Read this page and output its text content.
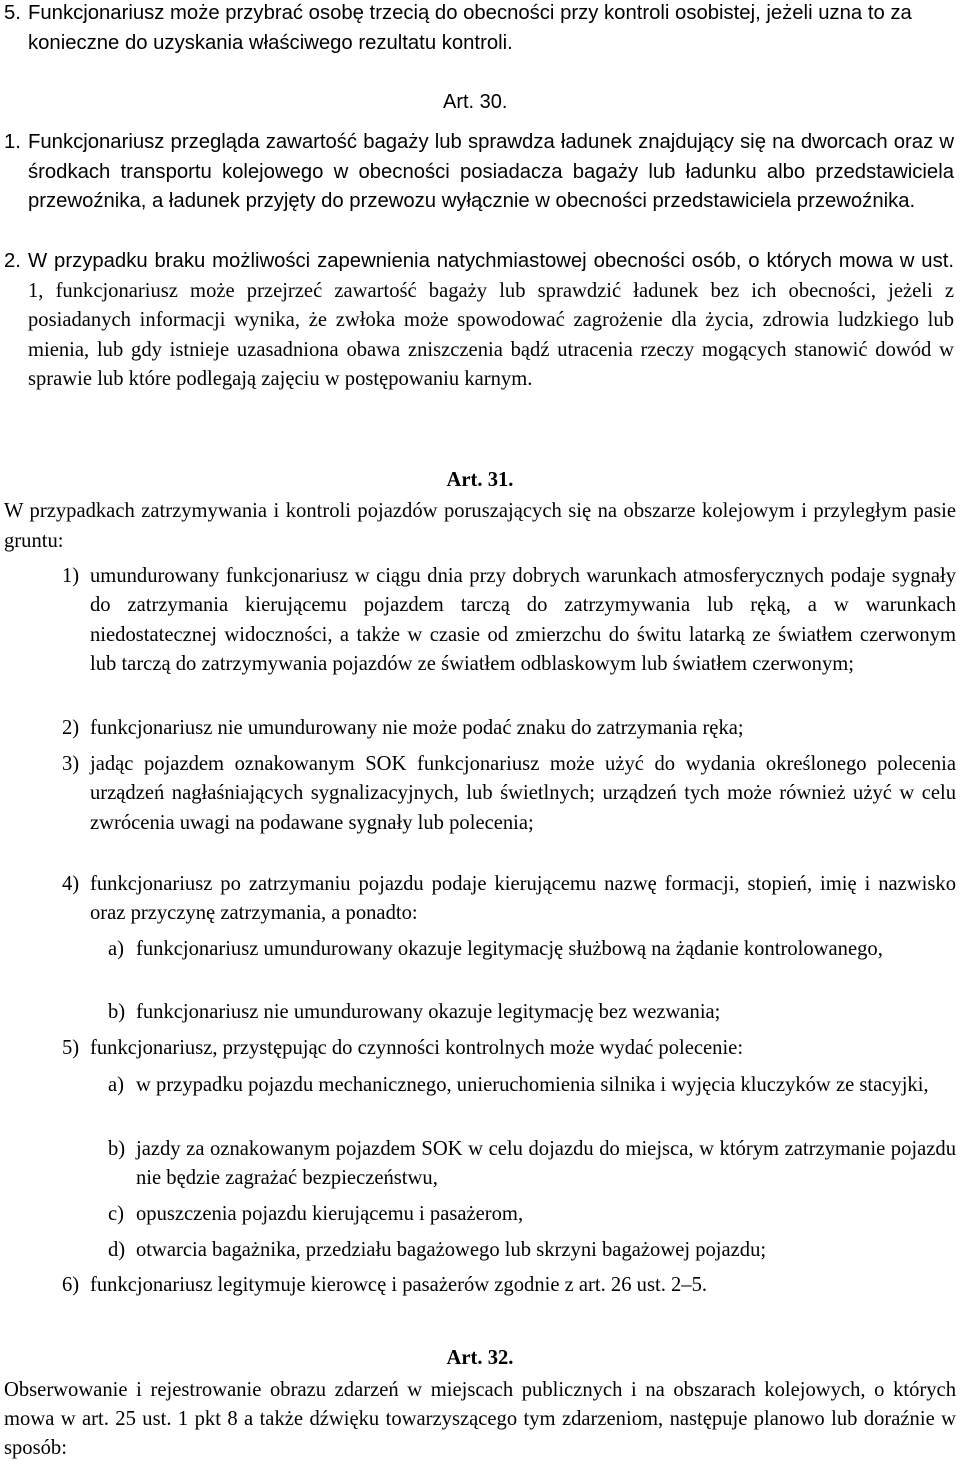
5. Funkcjonariusz może przybrać osobę trzecią do obecności przy kontroli osobistej, jeżeli uzna to za konieczne do uzyskania właściwego rezultatu kontroli.
Art. 30.
1. Funkcjonariusz przegląda zawartość bagaży lub sprawdza ładunek znajdujący się na dworcach oraz w środkach transportu kolejowego w obecności posiadacza bagaży lub ładunku albo przedstawiciela przewoźnika, a ładunek przyjęty do przewozu wyłącznie w obecności przedstawiciela przewoźnika.
2. W przypadku braku możliwości zapewnienia natychmiastowej obecności osób, o których mowa w ust. 1, funkcjonariusz może przejrzeć zawartość bagaży lub sprawdzić ładunek bez ich obecności, jeżeli z posiadanych informacji wynika, że zwłoka może spowodować zagrożenie dla życia, zdrowia ludzkiego lub mienia, lub gdy istnieje uzasadniona obawa zniszczenia bądź utracenia rzeczy mogących stanowić dowód w sprawie lub które podlegają zajęciu w postępowaniu karnym.
Art. 31.
W przypadkach zatrzymywania i kontroli pojazdów poruszających się na obszarze kolejowym i przyległym pasie gruntu:
1) umundurowany funkcjonariusz w ciągu dnia przy dobrych warunkach atmosferycznych podaje sygnały do zatrzymania kierującemu pojazdem tarczą do zatrzymywania lub ręką, a w warunkach niedostatecznej widoczności, a także w czasie od zmierzchu do świtu latarką ze światłem czerwonym lub tarczą do zatrzymywania pojazdów ze światłem odblaskowym lub światłem czerwonym;
2) funkcjonariusz nie umundurowany nie może podać znaku do zatrzymania ręka;
3) jadąc pojazdem oznakowanym SOK funkcjonariusz może użyć do wydania określonego polecenia urządzeń nagłaśniających sygnalizacyjnych, lub świetlnych; urządzeń tych może również użyć w celu zwrócenia uwagi na podawane sygnały lub polecenia;
4) funkcjonariusz po zatrzymaniu pojazdu podaje kierującemu nazwę formacji, stopień, imię i nazwisko oraz przyczynę zatrzymania, a ponadto:
a) funkcjonariusz umundurowany okazuje legitymację służbową na żądanie kontrolowanego,
b) funkcjonariusz nie umundurowany okazuje legitymację bez wezwania;
5) funkcjonariusz, przystępując do czynności kontrolnych może wydać polecenie:
a) w przypadku pojazdu mechanicznego, unieruchomienia silnika i wyjęcia kluczyków ze stacyjki,
b) jazdy za oznakowanym pojazdem SOK w celu dojazdu do miejsca, w którym zatrzymanie pojazdu nie będzie zagrażać bezpieczeństwu,
c) opuszczenia pojazdu kierującemu i pasażerom,
d) otwarcia bagażnika, przedziału bagażowego lub skrzyni bagażowej pojazdu;
6) funkcjonariusz legitymuje kierowcę i pasażerów zgodnie z art. 26 ust. 2–5.
Art. 32.
Obserwowanie i rejestrowanie obrazu zdarzeń w miejscach publicznych i na obszarach kolejowych, o których mowa w art. 25 ust. 1 pkt 8 a także dźwięku towarzyszącego tym zdarzeniom, następuje planowo lub doraźnie w sposób:
